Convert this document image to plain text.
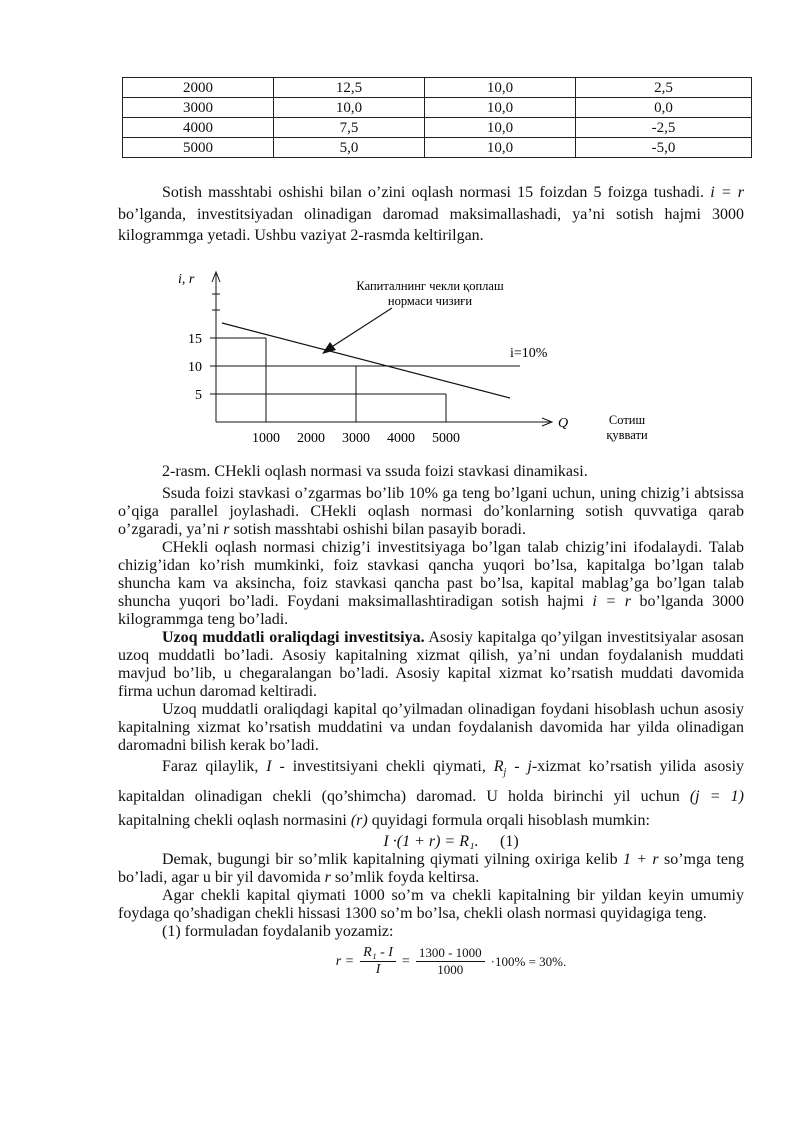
2000	12,5	10,0	2,5
3000	10,0	10,0	0,0
4000	7,5	10,0	-2,5
5000	5,0	10,0	-5,0

Sotish masshtabi oshishi bilan o’zini oqlash normasi 15 foizdan 5 foizga tushadi. i = r bo’lganda, investitsiyadan olinadigan daromad maksimallashadi, ya’ni sotish hajmi 3000 kilogrammga yetadi. Ushbu vaziyat 2-rasmda keltirilgan.

15
10
5
1000 2000 3000 4000 5000
i, r
Q
i=10%
Капиталнинг чекли қоплаш
нормаси чизиғи
Сотиш
қуввати

2-rasm. CHekli oqlash normasi va ssuda foizi stavkasi dinamikasi.

Ssuda foizi stavkasi o’zgarmas bo’lib 10% ga teng bo’lgani uchun, uning chizig’i abtsissa o’qiga parallel joylashadi. CHekli oqlash normasi do’konlarning sotish quvvatiga qarab o’zgaradi, ya’ni r sotish masshtabi oshishi bilan pasayib boradi.

CHekli oqlash normasi chizig’i investitsiyaga bo’lgan talab chizig’ini ifodalaydi. Talab chizig’idan ko’rish mumkinki, foiz stavkasi qancha yuqori bo’lsa, kapitalga bo’lgan talab shuncha kam va aksincha, foiz stavkasi qancha past bo’lsa, kapital mablag’ga bo’lgan talab shuncha yuqori bo’ladi. Foydani maksimallashtiradigan sotish hajmi i = r bo’lganda 3000 kilogrammga teng bo’ladi.

Uzoq muddatli oraliqdagi investitsiya. Asosiy kapitalga qo’yilgan investitsiyalar asosan uzoq muddatli bo’ladi. Asosiy kapitalning xizmat qilish, ya’ni undan foydalanish muddati mavjud bo’lib, u chegaralangan bo’ladi. Asosiy kapital xizmat ko’rsatish muddati davomida firma uchun daromad keltiradi.

Uzoq muddatli oraliqdagi kapital qo’yilmadan olinadigan foydani hisoblash uchun asosiy kapitalning xizmat ko’rsatish muddatini va undan foydalanish davomida har yilda olinadigan daromadni bilish kerak bo’ladi.

Faraz qilaylik, I - investitsiyani chekli qiymati, $R_j$ - j-xizmat ko’rsatish yilida asosiy kapitaldan olinadigan chekli (qo’shimcha) daromad. U holda birinchi yil uchun (j = 1) kapitalning chekli oqlash normasini (r) quyidagi formula orqali hisoblash mumkin:

I ·(1 + r) = R₁. (1)

Demak, bugungi bir so’mlik kapitalning qiymati yilning oxiriga kelib 1 + r so’mga teng bo’ladi, agar u bir yil davomida r so’mlik foyda keltirsa.

Agar chekli kapital qiymati 1000 so’m va chekli kapitalning bir yildan keyin umumiy foydaga qo’shadigan chekli hissasi 1300 so’m bo’lsa, chekli olash normasi quyidagiga teng.

(1) formuladan foydalanib yozamiz:

$r = \frac{\text{R₁ - I}}{I} = \frac{1300 - 1000}{1000} \cdot 100\% = 30\%$.
